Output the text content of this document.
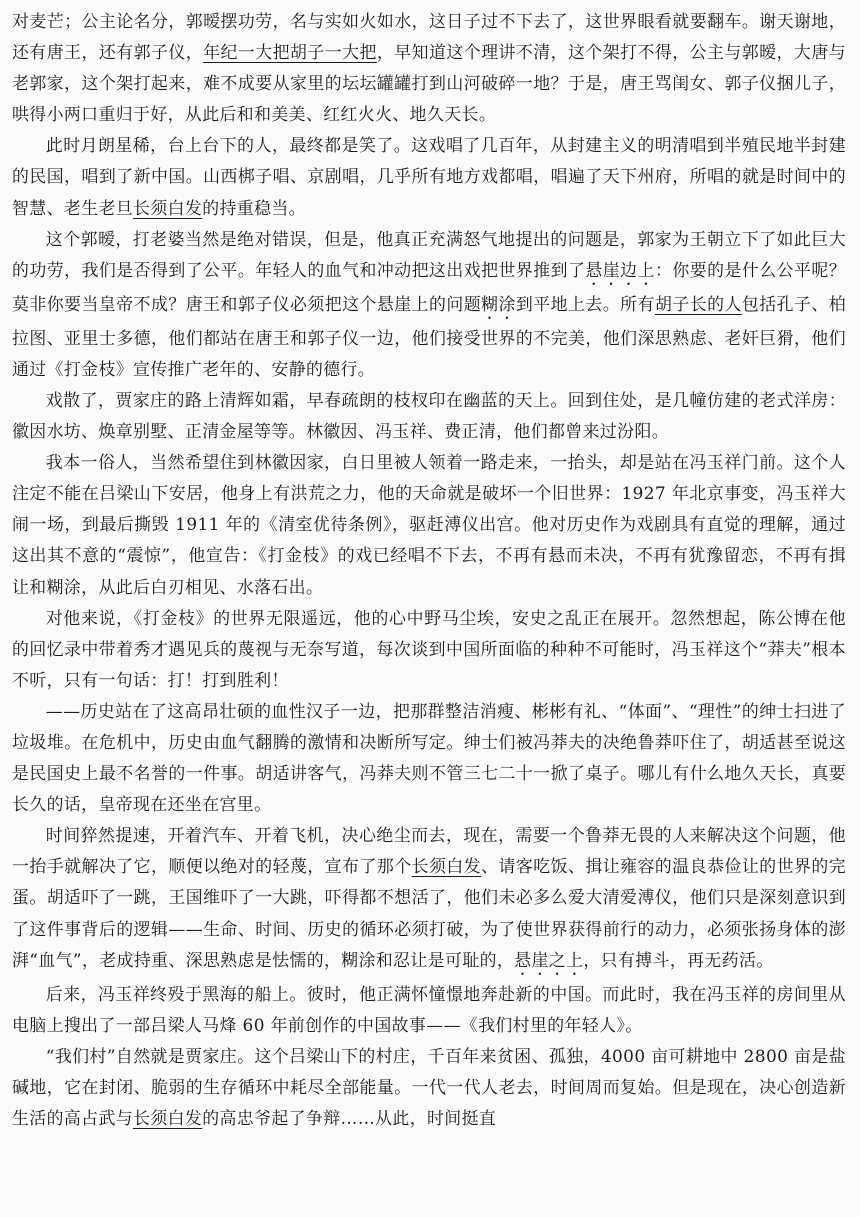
对麦芒；公主论名分，郭暧摆功劳，名与实如火如水，这日子过不下去了，这世界眼看就要翻车。谢天谢地，还有唐王，还有郭子仪，年纪一大把胡子一大把，早知道这个理讲不清，这个架打不得，公主与郭暧，大唐与老郭家，这个架打起来，难不成要从家里的坛坛罐罐打到山河破碎一地？于是，唐王骂闺女、郭子仪捆儿子，哄得小两口重归于好，从此后和和美美、红红火火、地久天长。

此时月朗星稀，台上台下的人，最终都是笑了。这戏唱了几百年，从封建主义的明清唱到半殖民地半封建的民国，唱到了新中国。山西梆子唱、京剧唱，几乎所有地方戏都唱，唱遍了天下州府，所唱的就是时间中的智慧、老生老旦长须白发的持重稳当。

这个郭暧，打老婆当然是绝对错误，但是，他真正充满怒气地提出的问题是，郭家为王朝立下了如此巨大的功劳，我们是否得到了公平。年轻人的血气和冲动把这出戏把世界推到了悬崖边上：你要的是什么公平呢？莫非你要当皇帝不成？唐王和郭子仪必须把这个悬崖上的问题糊涂到平地上去。所有胡子长的人包括孔子、柏拉图、亚里士多德，他们都站在唐王和郭子仪一边，他们接受世界的不完美，他们深思熟虑、老奸巨猾，他们通过《打金枝》宣传推广老年的、安静的德行。

戏散了，贾家庄的路上清辉如霜，早春疏朗的枝杈印在幽蓝的天上。回到住处，是几幢仿建的老式洋房：徽因水坊、焕章别墅、正清金屋等等。林徽因、冯玉祥、费正清，他们都曾来过汾阳。

我本一俗人，当然希望住到林徽因家，白日里被人领着一路走来，一抬头，却是站在冯玉祥门前。这个人注定不能在吕梁山下安居，他身上有洪荒之力，他的天命就是破坏一个旧世界：1927 年北京事变，冯玉祥大闹一场，到最后撕毁 1911 年的《清室优待条例》，驱赶溥仪出宫。他对历史作为戏剧具有直觉的理解，通过这出其不意的“震惊”，他宣告：《打金枝》的戏已经唱不下去，不再有悬而未决，不再有犹豫留恋，不再有揖让和糊涂，从此后白刃相见、水落石出。

对他来说，《打金枝》的世界无限遥远，他的心中野马尘埃，安史之乱正在展开。忽然想起，陈公博在他的回忆录中带着秀才遇见兵的蔑视与无奈写道，每次谈到中国所面临的种种不可能时，冯玉祥这个“莽夫”根本不听，只有一句话：打！打到胜利！

——历史站在了这高昂壮硕的血性汉子一边，把那群整洁消瘦、彬彬有礼、“体面”、“理性”的绅士扫进了垃圾堆。在危机中，历史由血气翻腾的激情和决断所写定。绅士们被冯莽夫的决绝鲁莽吓住了，胡适甚至说这是民国史上最不名誉的一件事。胡适讲客气，冯莽夫则不管三七二十一掀了桌子。哪儿有什么地久天长，真要长久的话，皇帝现在还坐在宫里。

时间猝然提速，开着汽车、开着飞机，决心绝尘而去，现在，需要一个鲁莽无畏的人来解决这个问题，他一抬手就解决了它，顺便以绝对的轻蔑，宣布了那个长须白发、请客吃饭、揖让雍容的温良恭俭让的世界的完蛋。胡适吓了一跳，王国维吓了一大跳，吓得都不想活了，他们未必多么爱大清爱溥仪，他们只是深刻意识到了这件事背后的逻辑——生命、时间、历史的循环必须打破，为了使世界获得前行的动力，必须张扬身体的澎湃“血气”，老成持重、深思熟虑是怯懦的，糊涂和忍让是可耻的，悬崖之上，只有搏斗，再无药活。

后来，冯玉祥终殁于黑海的船上。彼时，他正满怀憧憬地奔赴新的中国。而此时，我在冯玉祥的房间里从电脑上搜出了一部吕梁人马烽 60 年前创作的中国故事——《我们村里的年轻人》。

“我们村”自然就是贾家庄。这个吕梁山下的村庄，千百年来贫困、孤独，4000 亩可耕地中 2800 亩是盐碱地，它在封闭、脆弱的生存循环中耗尽全部能量。一代一代人老去，时间周而复始。但是现在，决心创造新生活的高占武与长须白发的高忠爷起了争辩……从此，时间挺直
